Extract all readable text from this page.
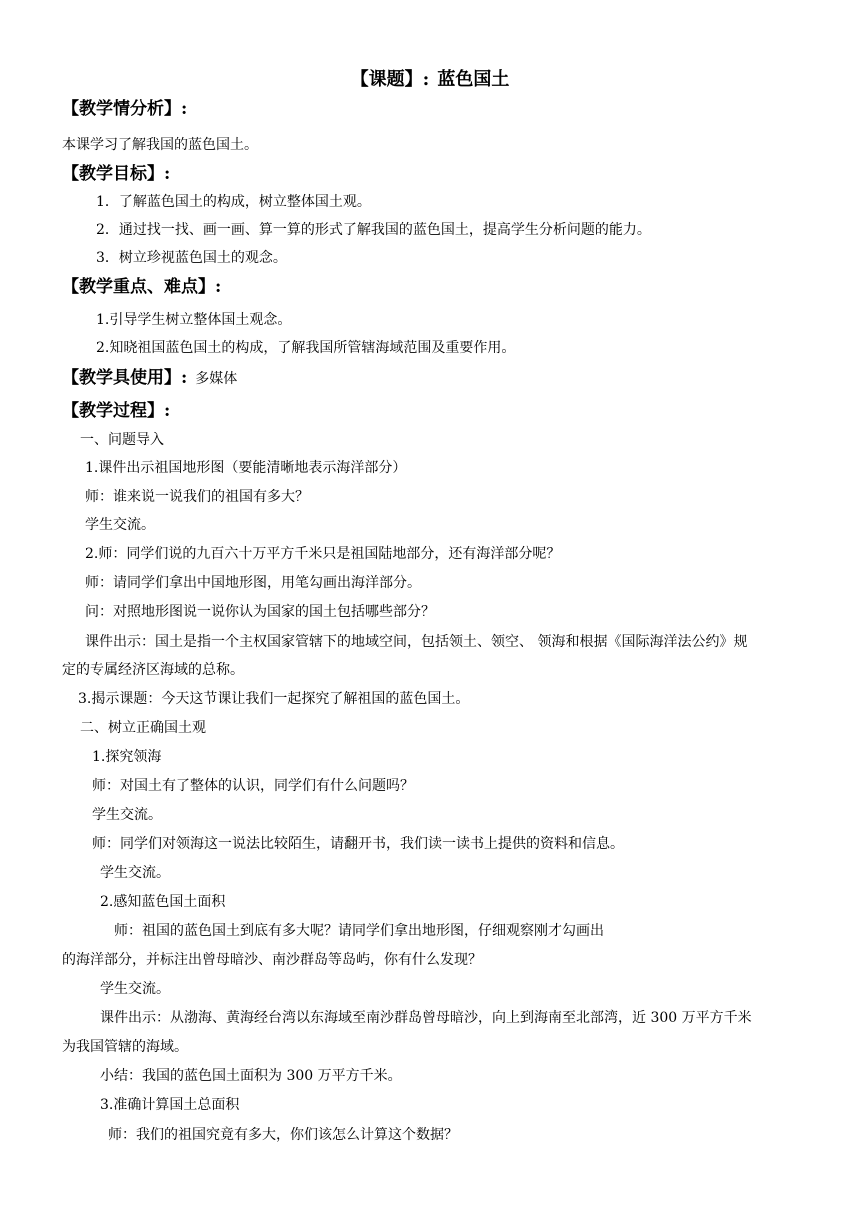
【课题】: 蓝色国土
【教学情分析】:
本课学习了解我国的蓝色国土。
【教学目标】:
1．了解蓝色国土的构成，树立整体国土观。
2．通过找一找、画一画、算一算的形式了解我国的蓝色国土，提高学生分析问题的能力。
3．树立珍视蓝色国土的观念。
【教学重点、难点】:
1.引导学生树立整体国土观念。
2.知晓祖国蓝色国土的构成，了解我国所管辖海域范围及重要作用。
【教学具使用】: 多媒体
【教学过程】:
一、问题导入
1.课件出示祖国地形图（要能清晰地表示海洋部分）
师：谁来说一说我们的祖国有多大？
学生交流。
2.师：同学们说的九百六十万平方千米只是祖国陆地部分，还有海洋部分呢？
师：请同学们拿出中国地形图，用笔勾画出海洋部分。
问：对照地形图说一说你认为国家的国土包括哪些部分？
课件出示：国土是指一个主权国家管辖下的地域空间，包括领土、领空、 领海和根据《国际海洋法公约》规
定的专属经济区海域的总称。
3.揭示课题：今天这节课让我们一起探究了解祖国的蓝色国土。
二、树立正确国土观
1.探究领海
师：对国土有了整体的认识，同学们有什么问题吗？
学生交流。
师：同学们对领海这一说法比较陌生，请翻开书，我们读一读书上提供的资料和信息。
学生交流。
2.感知蓝色国土面积
师：祖国的蓝色国土到底有多大呢？请同学们拿出地形图，仔细观察刚才勾画出
的海洋部分，并标注出曾母暗沙、南沙群岛等岛屿，你有什么发现？
学生交流。
课件出示：从渤海、黄海经台湾以东海域至南沙群岛曾母暗沙，向上到海南至北部湾，近 300 万平方千米
为我国管辖的海域。
小结：我国的蓝色国土面积为 300 万平方千米。
3.准确计算国土总面积
师：我们的祖国究竟有多大，你们该怎么计算这个数据？
